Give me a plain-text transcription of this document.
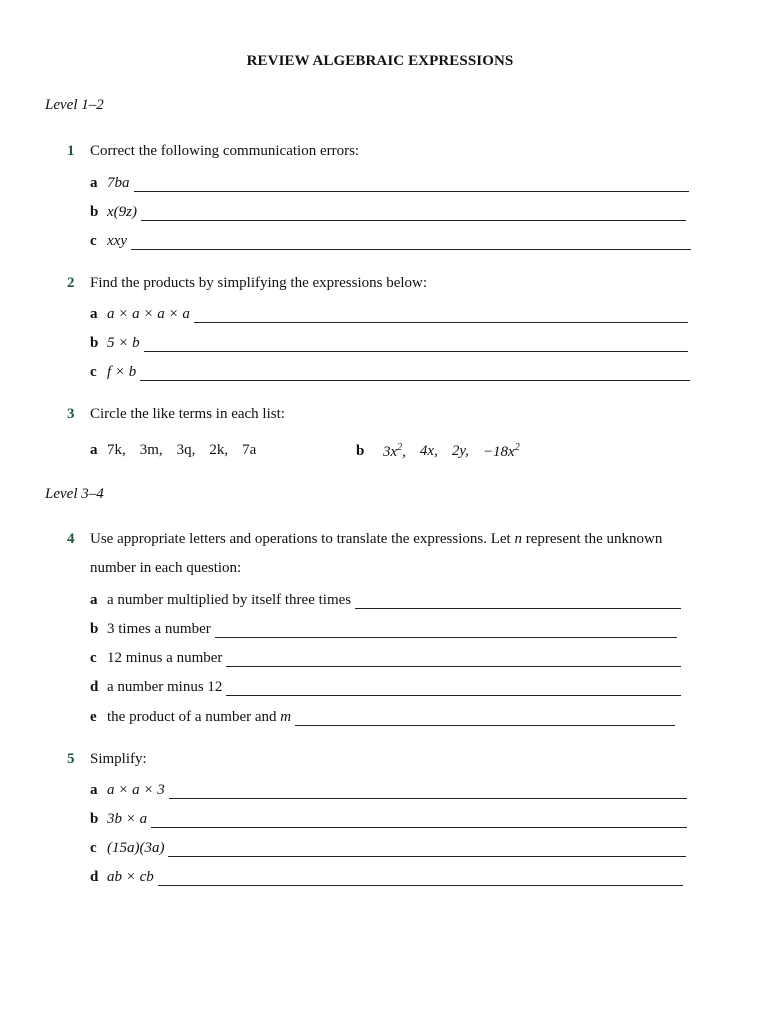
REVIEW ALGEBRAIC EXPRESSIONS
Level 1–2
1 Correct the following communication errors:
a 7ba
b x(9z)
c xxy
2 Find the products by simplifying the expressions below:
a a × a × a × a
b 5 × b
c f × b
3 Circle the like terms in each list:
a 7k, 3m, 3q, 2k, 7a	b	$3x^2$, 4x, 2y, $-18x^2$
Level 3–4
4 Use appropriate letters and operations to translate the expressions. Let n represent the unknown
number in each question:
a a number multiplied by itself three times
b 3 times a number
c 12 minus a number
d a number minus 12
e the product of a number and m
5 Simplify:
a a × a × 3
b 3b × a
c (15a)(3a)
d ab × cb
